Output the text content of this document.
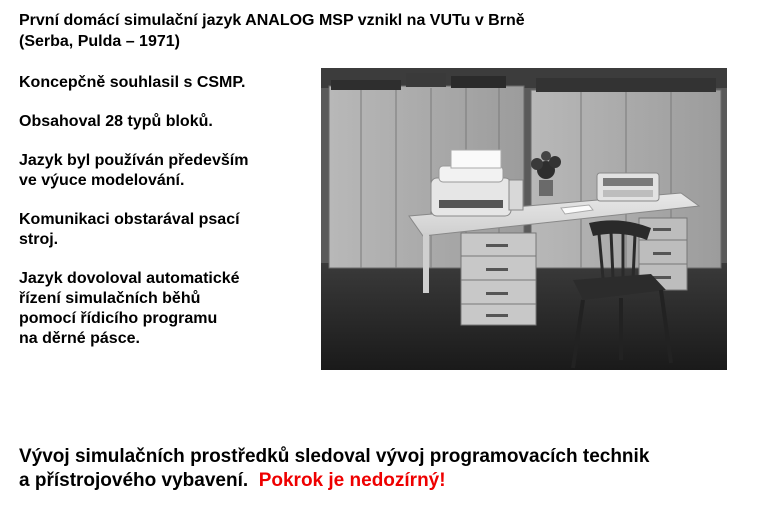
První domácí simulační jazyk ANALOG MSP vznikl na VUTu v Brně
(Serba, Pulda – 1971)

Koncepčně souhlasil s CSMP.

Obsahoval 28 typů bloků.

Jazyk byl používán především
ve výuce modelování.

Komunikaci obstarával psací
stroj.

Jazyk dovoloval automatické
řízení simulačních běhů
pomocí řídicího programu
na děrné pásce.

Vývoj simulačních prostředků sledoval vývoj programovacích technik
a přístrojového vybavení. Pokrok je nedozírný!
